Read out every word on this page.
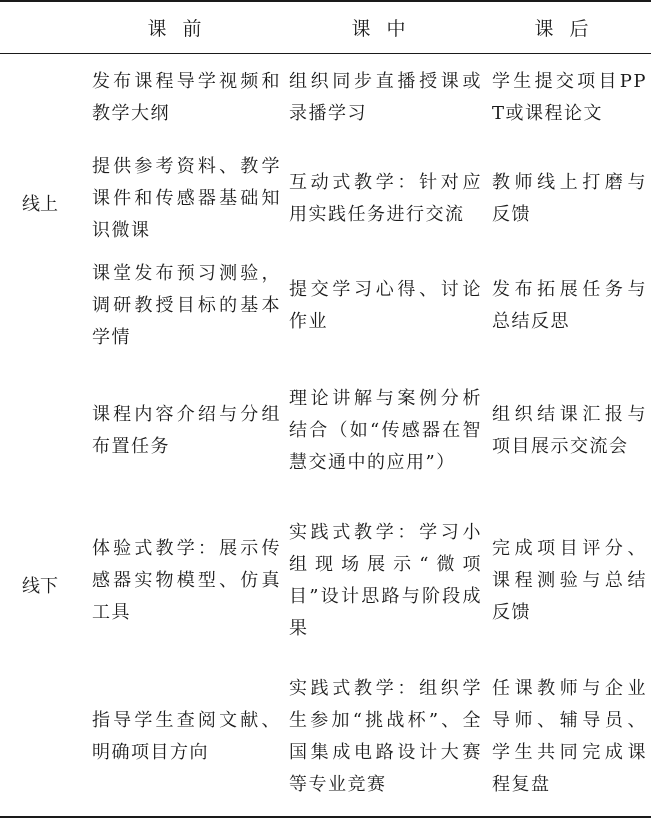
	课前	课中	课后
线上	发布课程导学视频和教学大纲	组织同步直播授课或录播学习	学生提交项目PPT或课程论文
	提供参考资料、教学课件和传感器基础知识微课	互动式教学：针对应用实践任务进行交流	教师线上打磨与反馈
	课堂发布预习测验，调研教授目标的基本学情	提交学习心得、讨论作业	发布拓展任务与总结反思
线下	课程内容介绍与分组布置任务	理论讲解与案例分析结合（如“传感器在智慧交通中的应用”）	组织结课汇报与项目展示交流会
	体验式教学：展示传感器实物模型、仿真工具	实践式教学：学习小组现场展示“微项目”设计思路与阶段成果	完成项目评分、课程测验与总结反馈
	指导学生查阅文献、明确项目方向	实践式教学：组织学生参加“挑战杯”、全国集成电路设计大赛等专业竞赛	任课教师与企业导师、辅导员、学生共同完成课程复盘
